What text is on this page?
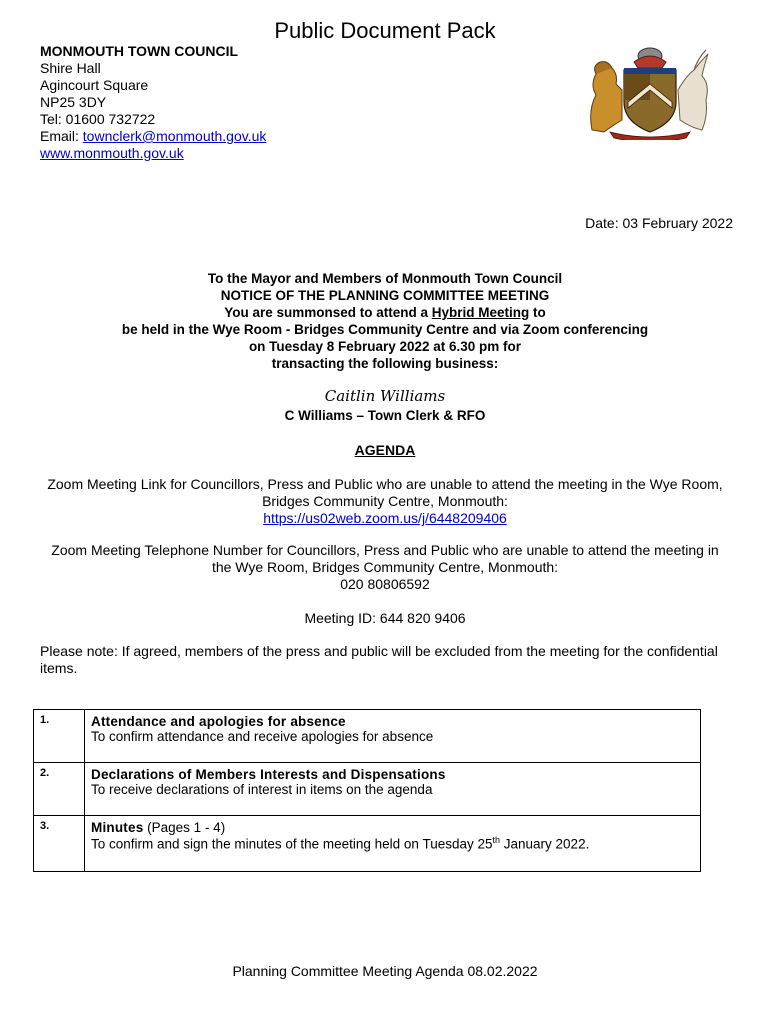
Public Document Pack
MONMOUTH TOWN COUNCIL
Shire Hall
Agincourt Square
NP25 3DY
Tel: 01600 732722
Email: townclerk@monmouth.gov.uk
www.monmouth.gov.uk
Date: 03 February 2022
To the Mayor and Members of Monmouth Town Council
NOTICE OF THE PLANNING COMMITTEE MEETING
You are summonsed to attend a Hybrid Meeting to
be held in the Wye Room - Bridges Community Centre and via Zoom conferencing
on Tuesday 8 February 2022 at 6.30 pm for
transacting the following business:
Caitlin Williams
C Williams – Town Clerk & RFO
AGENDA
Zoom Meeting Link for Councillors, Press and Public who are unable to attend the meeting in the Wye Room, Bridges Community Centre, Monmouth:
https://us02web.zoom.us/j/6448209406
Zoom Meeting Telephone Number for Councillors, Press and Public who are unable to attend the meeting in the Wye Room, Bridges Community Centre, Monmouth:
020 80806592
Meeting ID: 644 820 9406
Please note: If agreed, members of the press and public will be excluded from the meeting for the confidential items.
1.	Attendance and apologies for absence
To confirm attendance and receive apologies for absence

2.	Declarations of Members Interests and Dispensations
To receive declarations of interest in items on the agenda

3.	Minutes (Pages 1 - 4)
To confirm and sign the minutes of the meeting held on Tuesday 25th January 2022.
Planning Committee Meeting Agenda 08.02.2022
